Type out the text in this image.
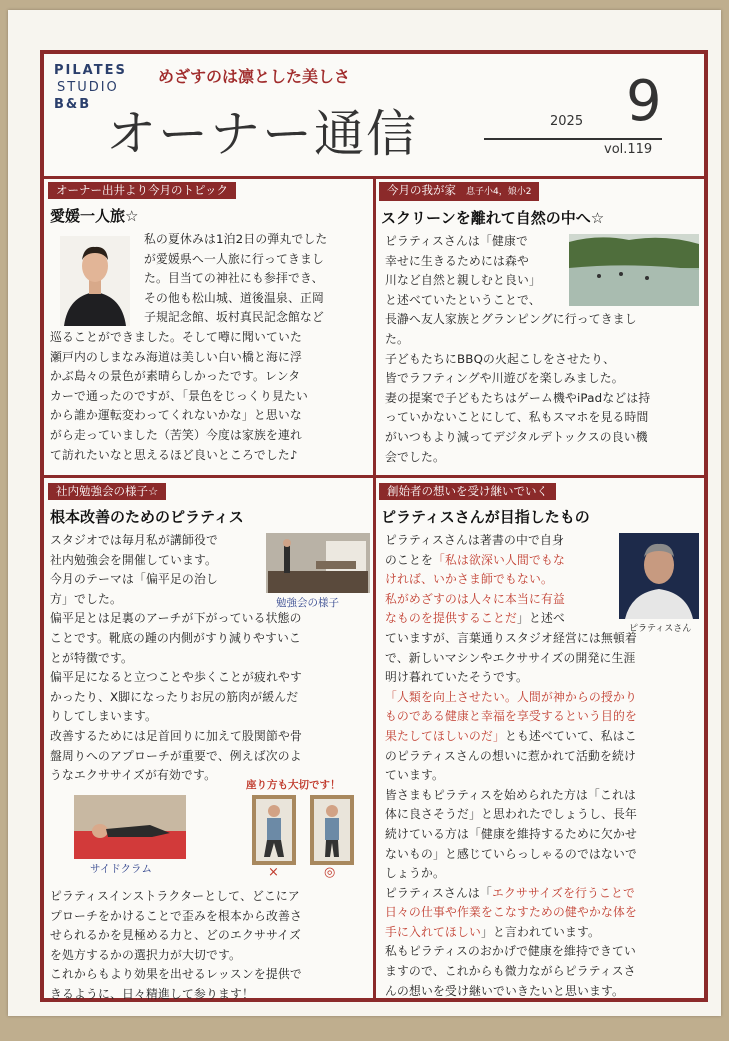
PILATES
STUDIO
B&B
めざすのは凛とした美しさ
オーナー通信	2025 9
vol.119
オーナー出井より今月のトピック
愛媛一人旅☆
私の夏休みは1泊2日の弾丸でした
が愛媛県へ一人旅に行ってきまし
た。目当ての神社にも参拝でき、
その他も松山城、道後温泉、正岡
子規記念館、坂村真民記念館など
巡ることができました。そして噂に聞いていた
瀬戸内のしまなみ海道は美しい白い橋と海に浮
かぶ島々の景色が素晴らしかったです。レンタ
カーで通ったのですが、「景色をじっくり見たい
から誰か運転変わってくれないかな」と思いな
がら走っていました（苦笑）今度は家族を連れ
て訪れたいなと思えるほど良いところでした♪
今月の我が家 息子小4，娘小2
スクリーンを離れて自然の中へ☆
ピラティスさんは「健康で
幸せに生きるためには森や
川など自然と親しむと良い」
と述べていたということで、
長瀞へ友人家族とグランピングに行ってきまし
た。
子どもたちにBBQの火起こしをさせたり、
皆でラフティングや川遊びを楽しみました。
妻の提案で子どもたちはゲーム機やiPadなどは持
っていかないことにして、私もスマホを見る時間
がいつもより減ってデジタルデトックスの良い機
会でした。
社内勉強会の様子☆
根本改善のためのピラティス
勉強会の様子
スタジオでは毎月私が講師役で
社内勉強会を開催しています。
今月のテーマは「偏平足の治し
方」でした。
偏平足とは足裏のアーチが下がっている状態の
ことです。靴底の踵の内側がすり減りやすいこ
とが特徴です。
偏平足になると立つことや歩くことが疲れやす
かったり、X脚になったりお尻の筋肉が緩んだ
りしてしまいます。
改善するためには足首回りに加えて股関節や骨
盤周りへのアプローチが重要で、例えば次のよ
うなエクササイズが有効です。
座り方も大切です！
サイドクラム	×	◎
ピラティスインストラクターとして、どこにア
プローチをかけることで歪みを根本から改善さ
せられるかを見極める力と、どのエクササイズ
を処方するかの選択力が大切です。
これからもより効果を出せるレッスンを提供で
きるように、日々精進して参ります！
創始者の想いを受け継いでいく
ピラティスさんが目指したもの
ピラティスさん
ピラティスさんは著書の中で自身
のことを「私は欲深い人間でもな
ければ、いかさま師でもない。
私がめざすのは人々に本当に有益
なものを提供することだ」と述べ
ていますが、言葉通りスタジオ経営には無頓着
で、新しいマシンやエクササイズの開発に生涯
明け暮れていたそうです。
「人類を向上させたい。人間が神からの授かり
ものである健康と幸福を享受するという目的を
果たしてほしいのだ」とも述べていて、私はこ
のピラティスさんの想いに惹かれて活動を続け
ています。
皆さまもピラティスを始められた方は「これは
体に良さそうだ」と思われたでしょうし、長年
続けている方は「健康を維持するために欠かせ
ないもの」と感じていらっしゃるのではないで
しょうか。
ピラティスさんは「エクササイズを行うことで
日々の仕事や作業をこなすための健やかな体を
手に入れてほしい」と言われています。
私もピラティスのおかげで健康を維持できてい
ますので、これからも微力ながらピラティスさ
んの想いを受け継いでいきたいと思います。
